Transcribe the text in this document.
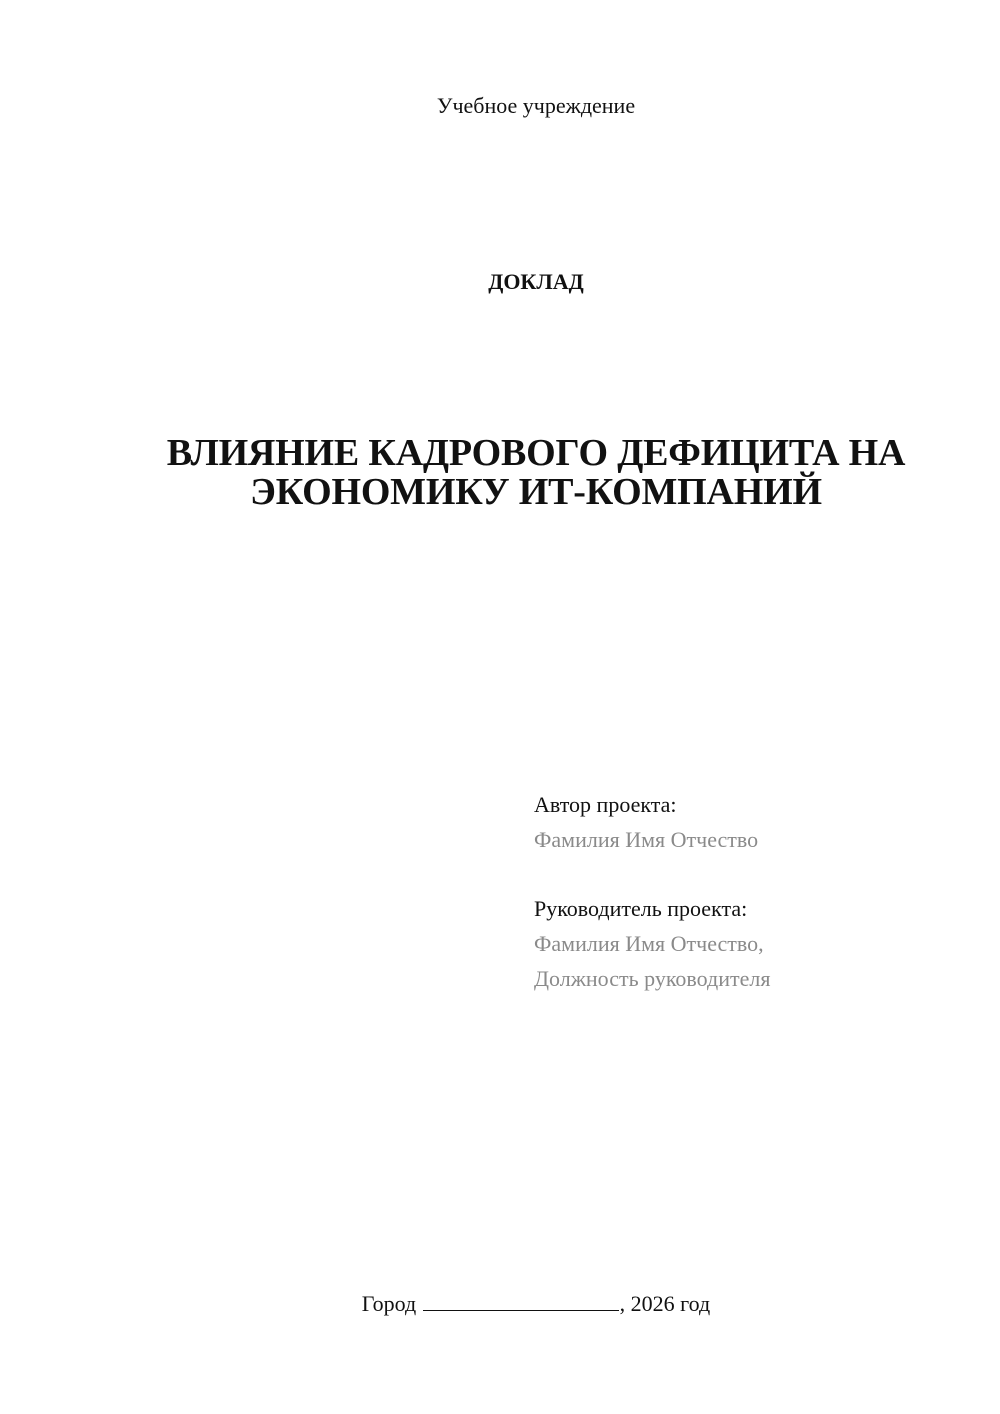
Учебное учреждение
ДОКЛАД
ВЛИЯНИЕ КАДРОВОГО ДЕФИЦИТА НА
ЭКОНОМИКУ ИТ-КОМПАНИЙ
Автор проекта:
Фамилия Имя Отчество
Руководитель проекта:
Фамилия Имя Отчество,
Должность руководителя
Город	, 2026 год
